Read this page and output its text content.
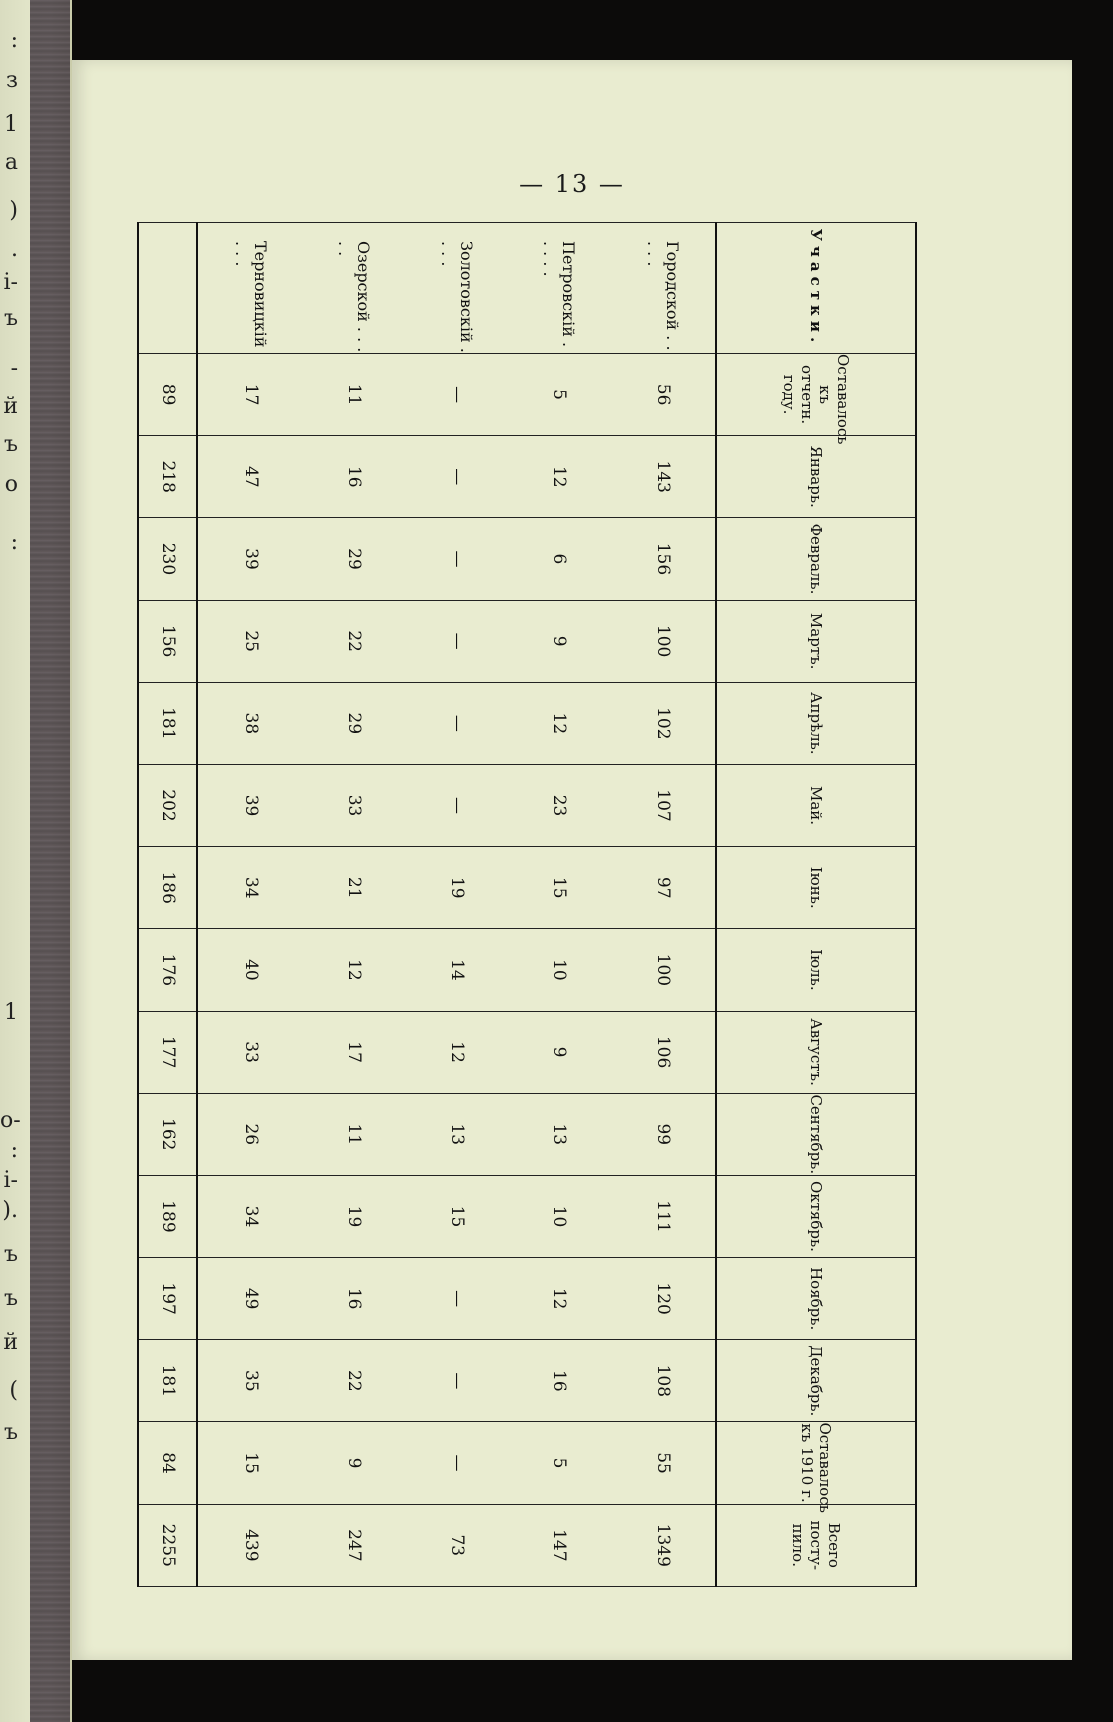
:
з
1
а
)
.
і-
ъ
-
й
ъ
о
:
1
о-
:
і-
).
ъ
ъ
й
(
ъ
— 13 —
Участки.	Оставалось къ отчетн. году.	Январь.	Февраль.	Мартъ.	Апрѣль.	Май.	Іюнь.	Іюль.	Августъ.	Сентябрь.	Октябрь.	Ноябрь.	Декабрь.	Оставалось къ 1910 г.	Всего посту-пило.
Городской . . . . .	56	143	156	100	102	107	97	100	106	99	111	120	108	55	1349
Петровскій . . . . .	5	12	6	9	12	23	15	10	9	13	10	12	16	5	147
Золотовскій . . . .	—	—	—	—	—	—	19	14	12	13	15	—	—	—	73
Озерской . . . . .	11	16	29	22	29	33	21	12	17	11	19	16	22	9	247
Терновицкій . . .	17	47	39	25	38	39	34	40	33	26	34	49	35	15	439
	89	218	230	156	181	202	186	176	177	162	189	197	181	84	2255
